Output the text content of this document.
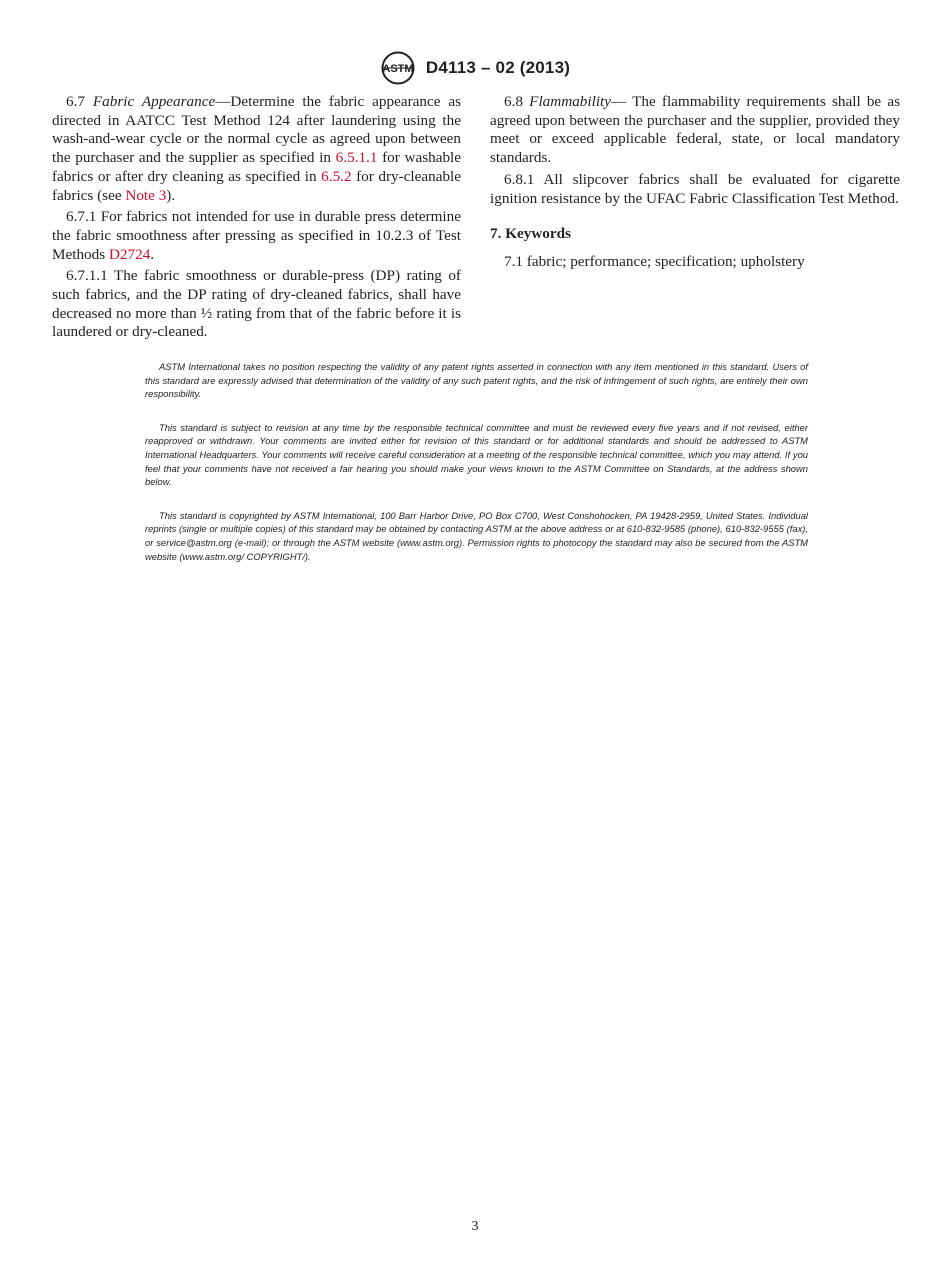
ASTM D4113 – 02 (2013)

6.7 Fabric Appearance—Determine the fabric appearance as directed in AATCC Test Method 124 after laundering using the wash-and-wear cycle or the normal cycle as agreed upon between the purchaser and the supplier as specified in 6.5.1.1 for washable fabrics or after dry cleaning as specified in 6.5.2 for dry-cleanable fabrics (see Note 3).

6.7.1 For fabrics not intended for use in durable press determine the fabric smoothness after pressing as specified in 10.2.3 of Test Methods D2724.

6.7.1.1 The fabric smoothness or durable-press (DP) rating of such fabrics, and the DP rating of dry-cleaned fabrics, shall have decreased no more than ½ rating from that of the fabric before it is laundered or dry-cleaned.

6.8 Flammability— The flammability requirements shall be as agreed upon between the purchaser and the supplier, provided they meet or exceed applicable federal, state, or local mandatory standards.

6.8.1 All slipcover fabrics shall be evaluated for cigarette ignition resistance by the UFAC Fabric Classification Test Method.

7. Keywords

7.1 fabric; performance; specification; upholstery

ASTM International takes no position respecting the validity of any patent rights asserted in connection with any item mentioned in this standard. Users of this standard are expressly advised that determination of the validity of any such patent rights, and the risk of infringement of such rights, are entirely their own responsibility.

This standard is subject to revision at any time by the responsible technical committee and must be reviewed every five years and if not revised, either reapproved or withdrawn. Your comments are invited either for revision of this standard or for additional standards and should be addressed to ASTM International Headquarters. Your comments will receive careful consideration at a meeting of the responsible technical committee, which you may attend. If you feel that your comments have not received a fair hearing you should make your views known to the ASTM Committee on Standards, at the address shown below.

This standard is copyrighted by ASTM International, 100 Barr Harbor Drive, PO Box C700, West Conshohocken, PA 19428-2959, United States. Individual reprints (single or multiple copies) of this standard may be obtained by contacting ASTM at the above address or at 610-832-9585 (phone), 610-832-9555 (fax), or service@astm.org (e-mail); or through the ASTM website (www.astm.org). Permission rights to photocopy the standard may also be secured from the ASTM website (www.astm.org/ COPYRIGHT/).

3
